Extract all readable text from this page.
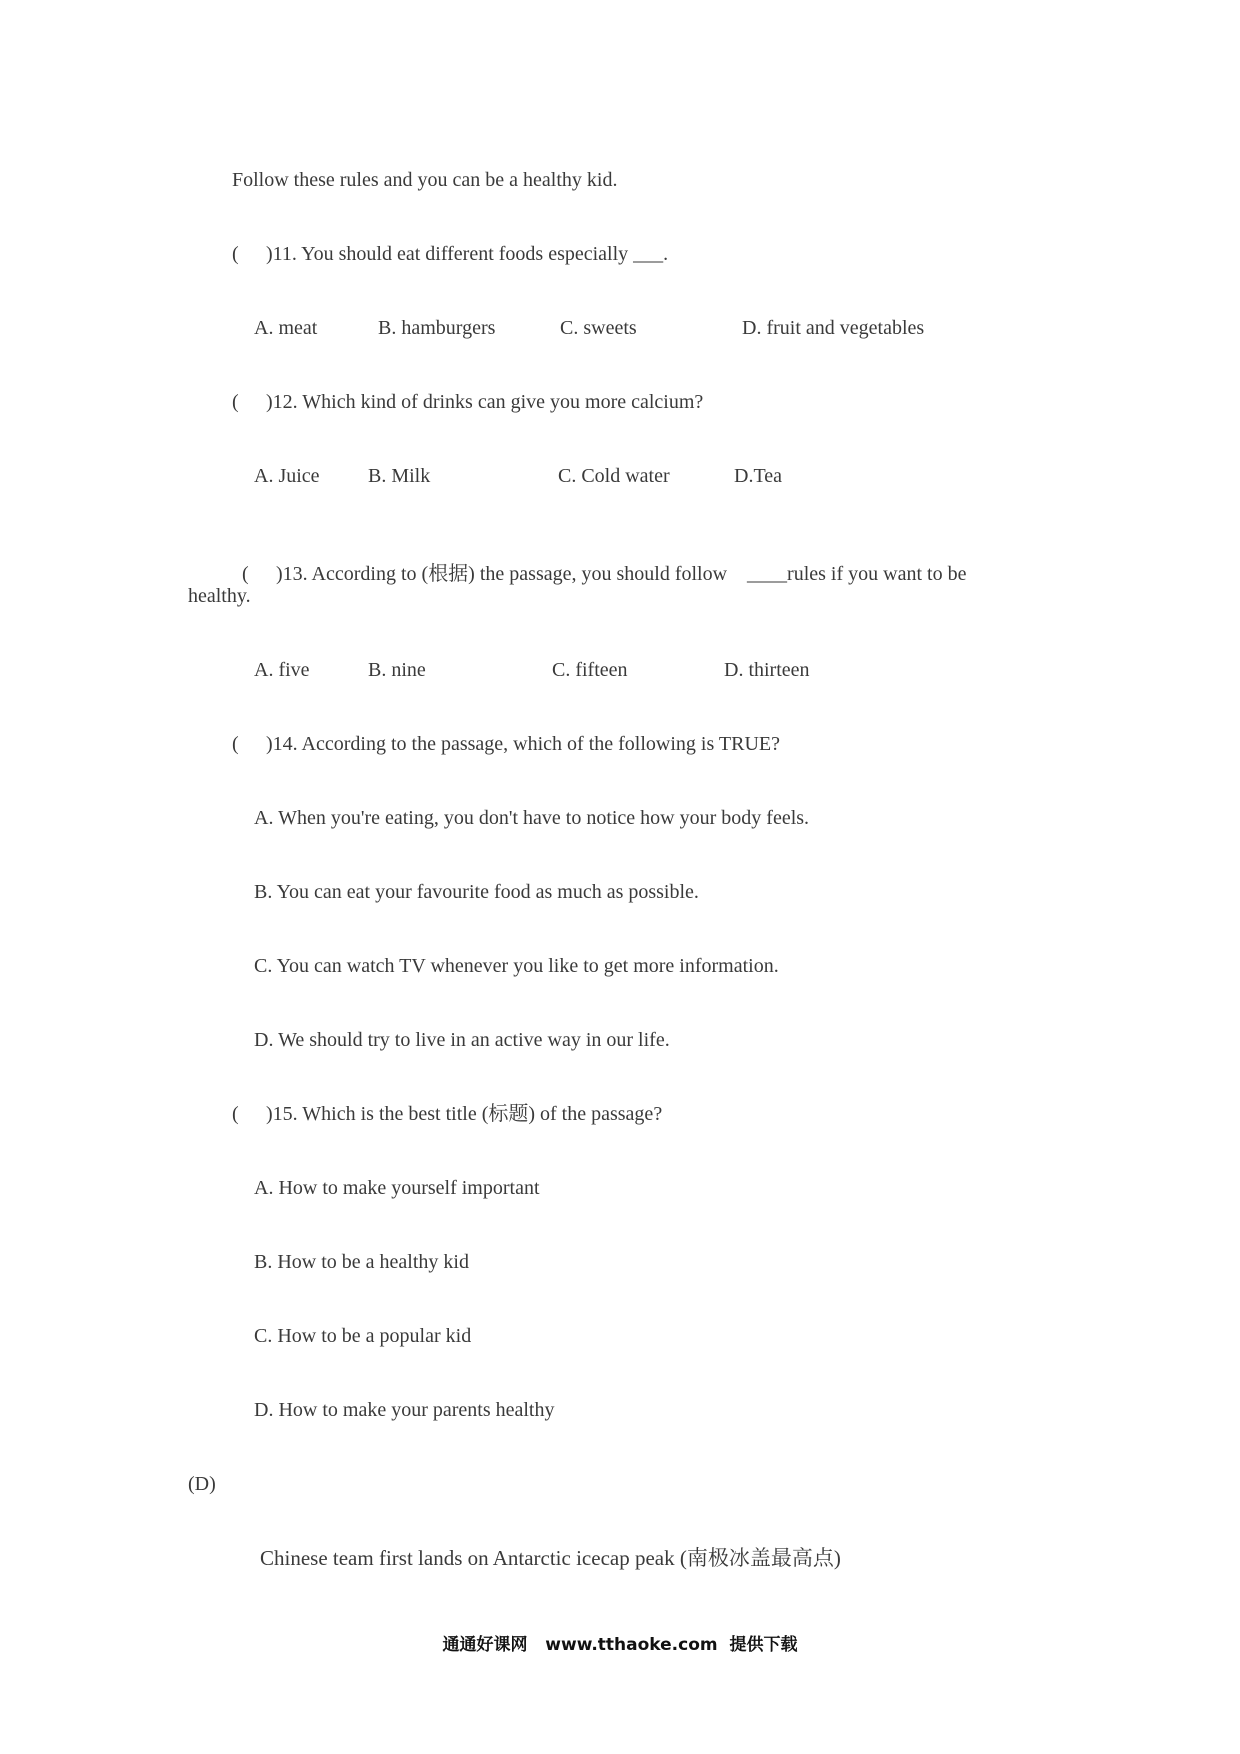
Follow these rules and you can be a healthy kid.
( )11. You should eat different foods especially ___.
A. meat	B. hamburgers	C. sweets	D. fruit and vegetables
( )12. Which kind of drinks can give you more calcium?
A. Juice B. Milk	C. Cold water	D.Tea

( )13. According to (根据) the passage, you should follow    ____rules if you want to be

healthy.
A. five	B. nine	C. fifteen	D. thirteen
( )14. According to the passage, which of the following is TRUE?
A. When you're eating, you don't have to notice how your body feels.
B. You can eat your favourite food as much as possible.
C. You can watch TV whenever you like to get more information.
D. We should try to live in an active way in our life.
( )15. Which is the best title (标题) of the passage?
A. How to make yourself important
B. How to be a healthy kid
C. How to be a popular kid
D. How to make your parents healthy
(D)
Chinese team first lands on Antarctic icecap peak (南极冰盖最高点)
通通好课网   www.tthaoke.com  提供下载
